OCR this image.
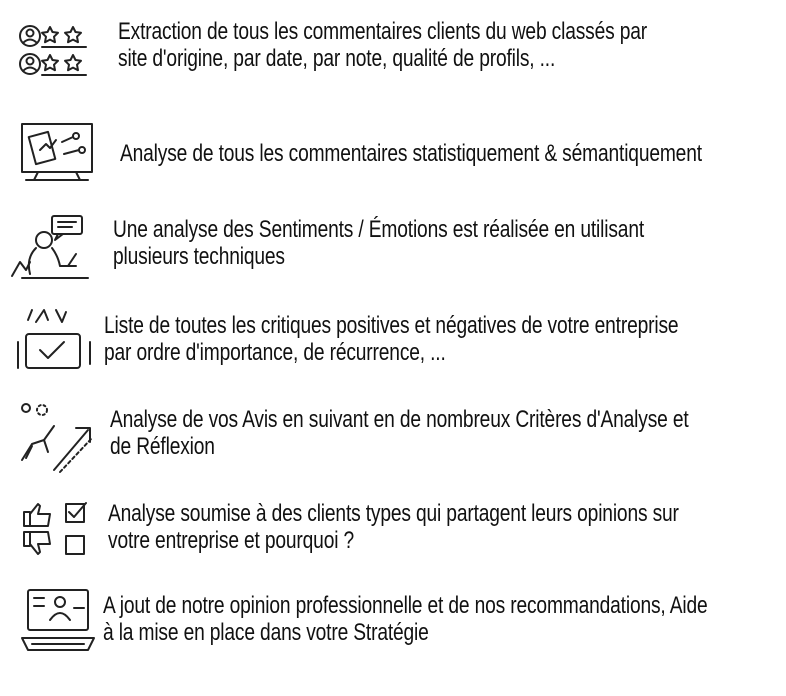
Extraction de tous les commentaires clients du web classés par
site d'origine, par date, par note, qualité de profils, ...
Analyse de tous les commentaires statistiquement & sémantiquement
Une analyse des Sentiments / Émotions est réalisée en utilisant
plusieurs techniques
Liste de toutes les critiques positives et négatives de votre entreprise
par ordre d'importance, de récurrence, ...
Analyse de vos Avis en suivant en de nombreux Critères d'Analyse et
de Réflexion
Analyse soumise à des clients types qui partagent leurs opinions sur
votre entreprise et pourquoi ?
A jout de notre opinion professionnelle et de nos recommandations, Aide
à la mise en place dans votre Stratégie
